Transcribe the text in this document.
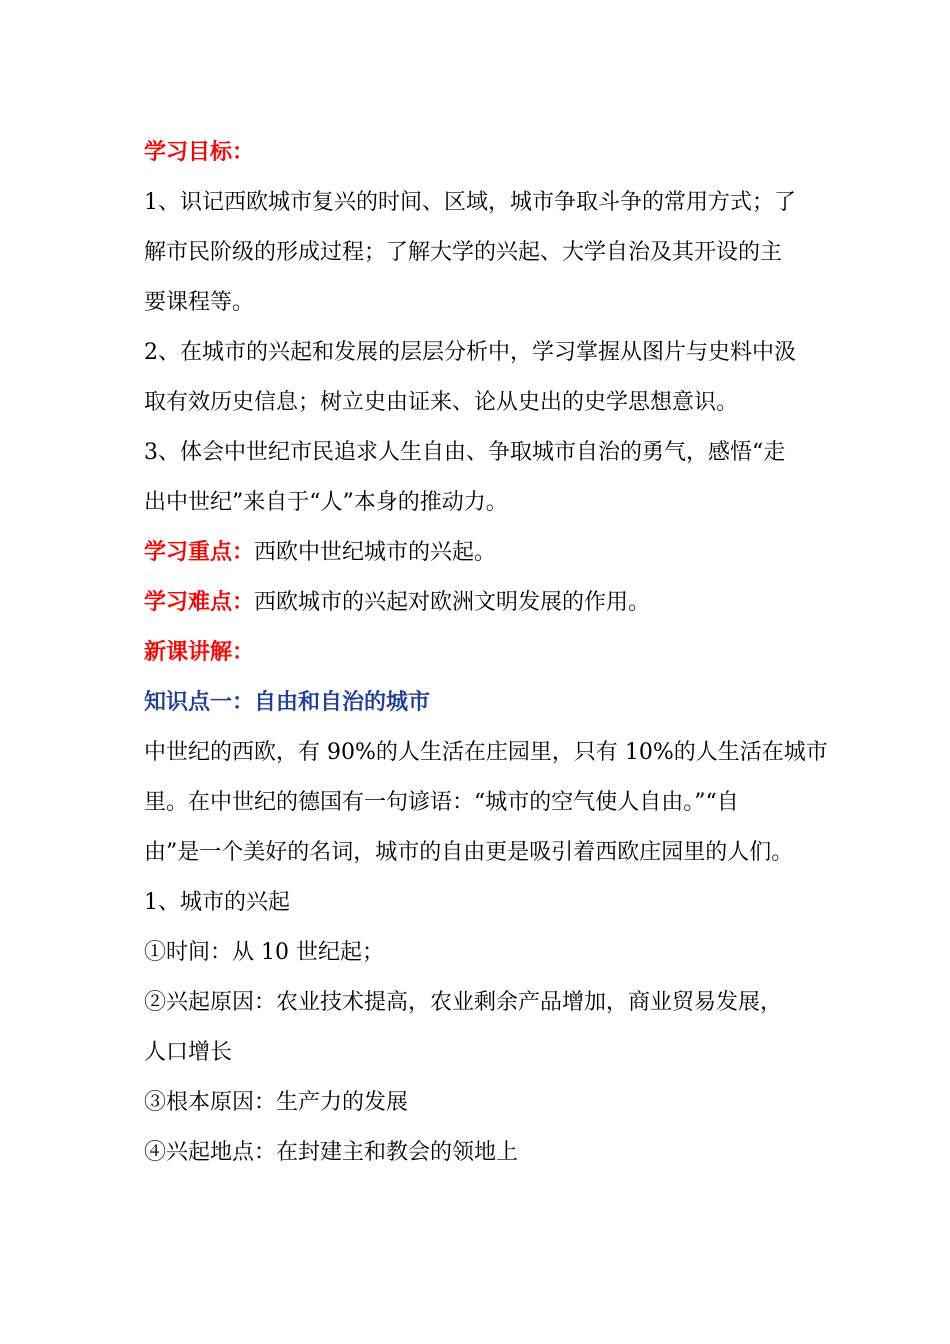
学习目标：
1、识记西欧城市复兴的时间、区域，城市争取斗争的常用方式；了
解市民阶级的形成过程；了解大学的兴起、大学自治及其开设的主
要课程等。
2、在城市的兴起和发展的层层分析中，学习掌握从图片与史料中汲
取有效历史信息；树立史由证来、论从史出的史学思想意识。
3、体会中世纪市民追求人生自由、争取城市自治的勇气，感悟“走
出中世纪”来自于“人”本身的推动力。
学习重点：西欧中世纪城市的兴起。
学习难点：西欧城市的兴起对欧洲文明发展的作用。
新课讲解：
知识点一：自由和自治的城市
中世纪的西欧，有 90%的人生活在庄园里，只有 10%的人生活在城市
里。在中世纪的德国有一句谚语：“城市的空气使人自由。”“自
由”是一个美好的名词，城市的自由更是吸引着西欧庄园里的人们。
1、城市的兴起
①时间：从 10 世纪起；
②兴起原因：农业技术提高，农业剩余产品增加，商业贸易发展，
人口增长
③根本原因：生产力的发展
④兴起地点：在封建主和教会的领地上
